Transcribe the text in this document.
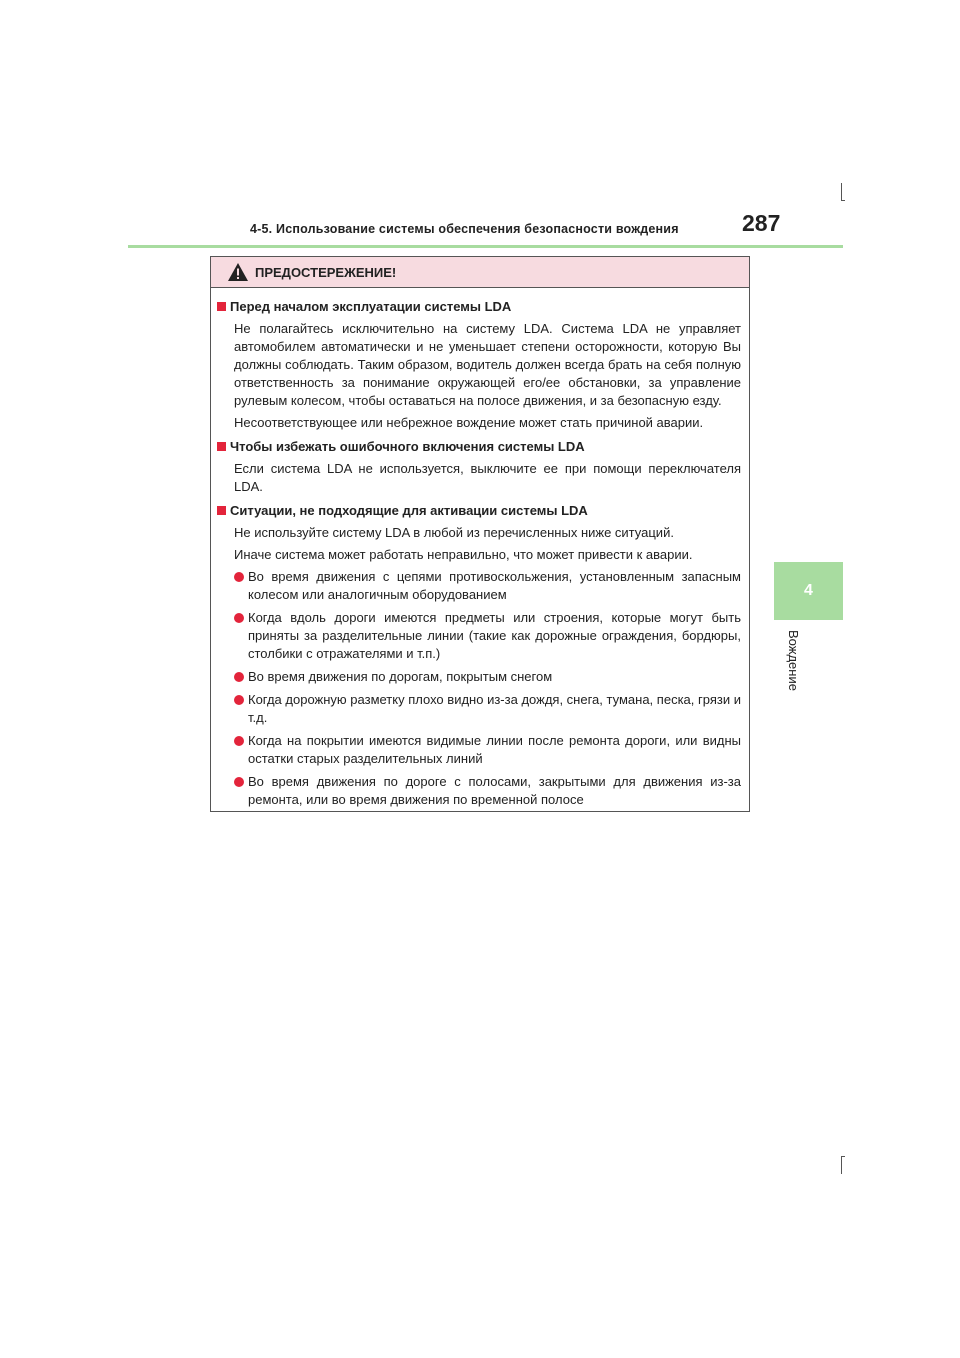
4-5. Использование системы обеспечения безопасности вождения	287
4
Вождение
ПРЕДОСТЕРЕЖЕНИЕ!
Перед началом эксплуатации системы LDA

Не полагайтесь исключительно на систему LDA. Система LDA не управляет автомобилем автоматически и не уменьшает степени осторожности, которую Вы должны соблюдать. Таким образом, водитель должен всегда брать на себя полную ответственность за понимание окружающей его/ее обстановки, за управление рулевым колесом, чтобы оставаться на полосе движения, и за безопасную езду.

Несоответствующее или небрежное вождение может стать причиной аварии.

Чтобы избежать ошибочного включения системы LDA

Если система LDA не используется, выключите ее при помощи переключателя LDA.

Ситуации, не подходящие для активации системы LDA

Не используйте систему LDA в любой из перечисленных ниже ситуаций.

Иначе система может работать неправильно, что может привести к аварии.

Во время движения с цепями противоскольжения, установленным запасным колесом или аналогичным оборудованием
Когда вдоль дороги имеются предметы или строения, которые могут быть приняты за разделительные линии (такие как дорожные ограждения, бордюры, столбики с отражателями и т.п.)
Во время движения по дорогам, покрытым снегом
Когда дорожную разметку плохо видно из-за дождя, снега, тумана, песка, грязи и т.д.
Когда на покрытии имеются видимые линии после ремонта дороги, или видны остатки старых разделительных линий
Во время движения по дороге с полосами, закрытыми для движения из-за ремонта, или во время движения по временной полосе
